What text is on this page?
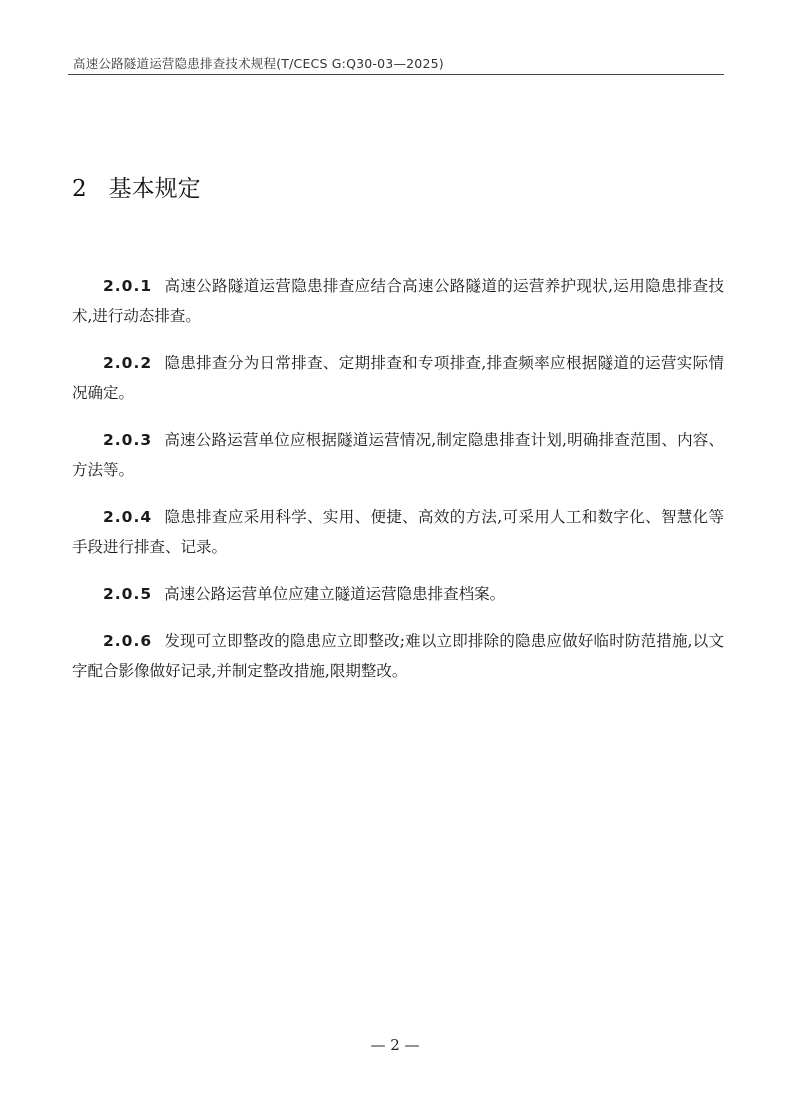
高速公路隧道运营隐患排查技术规程(T/CECS G:Q30-03—2025)
2 基本规定

2.0.1 高速公路隧道运营隐患排查应结合高速公路隧道的运营养护现状,运用隐患排查技术,进行动态排查。

2.0.2 隐患排查分为日常排查、定期排查和专项排查,排查频率应根据隧道的运营实际情况确定。

2.0.3 高速公路运营单位应根据隧道运营情况,制定隐患排查计划,明确排查范围、内容、方法等。

2.0.4 隐患排查应采用科学、实用、便捷、高效的方法,可采用人工和数字化、智慧化等手段进行排查、记录。

2.0.5 高速公路运营单位应建立隧道运营隐患排查档案。

2.0.6 发现可立即整改的隐患应立即整改;难以立即排除的隐患应做好临时防范措施,以文字配合影像做好记录,并制定整改措施,限期整改。

— 2 —
